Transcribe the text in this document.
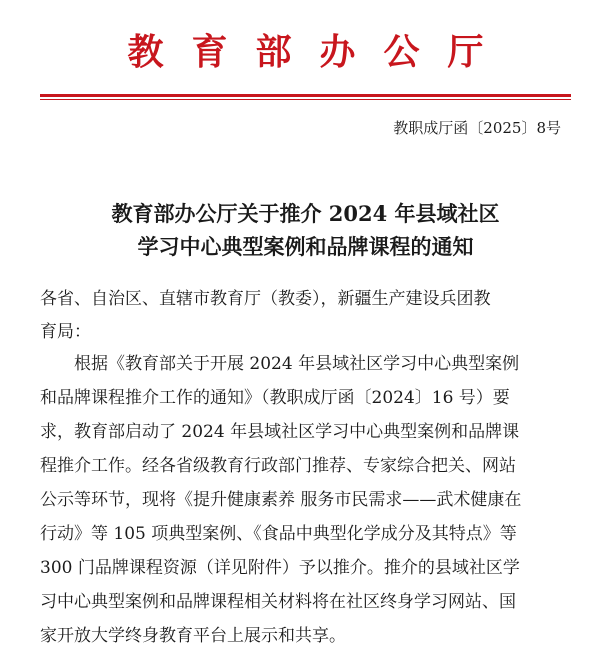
教育部办公厅
教职成厅函〔2025〕8号
教育部办公厅关于推介 2024 年县域社区
学习中心典型案例和品牌课程的通知
各省、自治区、直辖市教育厅（教委），新疆生产建设兵团教
育局：
根据《教育部关于开展 2024 年县域社区学习中心典型案例
和品牌课程推介工作的通知》（教职成厅函〔2024〕16 号）要
求，教育部启动了 2024 年县域社区学习中心典型案例和品牌课
程推介工作。经各省级教育行政部门推荐、专家综合把关、网站
公示等环节，现将《提升健康素养 服务市民需求——武术健康在
行动》等 105 项典型案例、《食品中典型化学成分及其特点》等
300 门品牌课程资源（详见附件）予以推介。推介的县域社区学
习中心典型案例和品牌课程相关材料将在社区终身学习网站、国
家开放大学终身教育平台上展示和共享。
